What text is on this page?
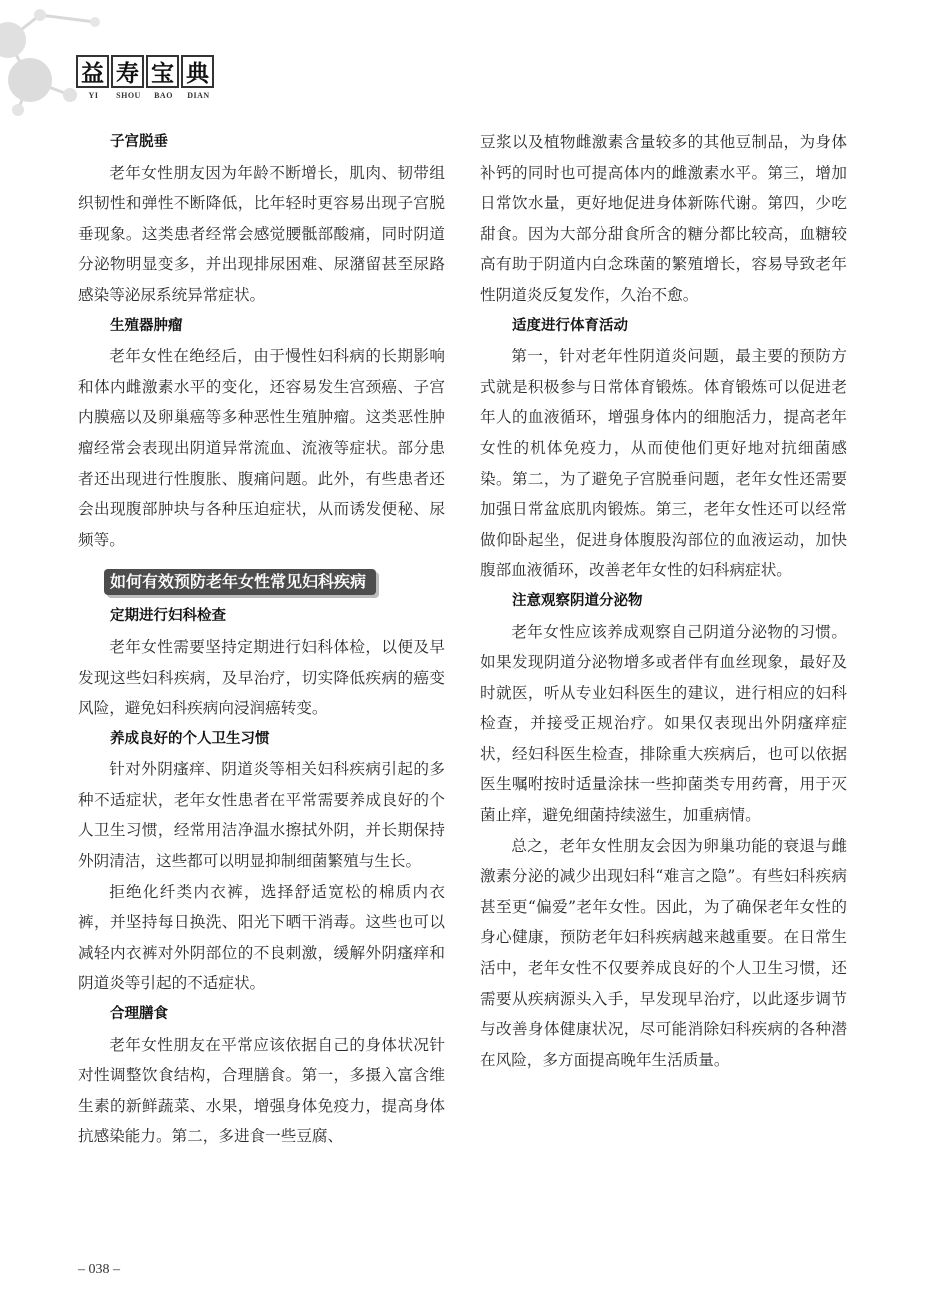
益 寿 宝 典
YI	SHOU	BAO	DIAN
子宫脱垂

老年女性朋友因为年龄不断增长，肌肉、韧带组织韧性和弹性不断降低，比年轻时更容易出现子宫脱垂现象。这类患者经常会感觉腰骶部酸痛，同时阴道分泌物明显变多，并出现排尿困难、尿潴留甚至尿路感染等泌尿系统异常症状。

生殖器肿瘤

老年女性在绝经后，由于慢性妇科病的长期影响和体内雌激素水平的变化，还容易发生宫颈癌、子宫内膜癌以及卵巢癌等多种恶性生殖肿瘤。这类恶性肿瘤经常会表现出阴道异常流血、流液等症状。部分患者还出现进行性腹胀、腹痛问题。此外，有些患者还会出现腹部肿块与各种压迫症状，从而诱发便秘、尿频等。

如何有效预防老年女性常见妇科疾病
定期进行妇科检查

老年女性需要坚持定期进行妇科体检，以便及早发现这些妇科疾病，及早治疗，切实降低疾病的癌变风险，避免妇科疾病向浸润癌转变。

养成良好的个人卫生习惯

针对外阴瘙痒、阴道炎等相关妇科疾病引起的多种不适症状，老年女性患者在平常需要养成良好的个人卫生习惯，经常用洁净温水擦拭外阴，并长期保持外阴清洁，这些都可以明显抑制细菌繁殖与生长。

拒绝化纤类内衣裤，选择舒适宽松的棉质内衣裤，并坚持每日换洗、阳光下晒干消毒。这些也可以减轻内衣裤对外阴部位的不良刺激，缓解外阴瘙痒和阴道炎等引起的不适症状。

合理膳食

老年女性朋友在平常应该依据自己的身体状况针对性调整饮食结构，合理膳食。第一，多摄入富含维生素的新鲜蔬菜、水果，增强身体免疫力，提高身体抗感染能力。第二，多进食一些豆腐、

豆浆以及植物雌激素含量较多的其他豆制品，为身体补钙的同时也可提高体内的雌激素水平。第三，增加日常饮水量，更好地促进身体新陈代谢。第四，少吃甜食。因为大部分甜食所含的糖分都比较高，血糖较高有助于阴道内白念珠菌的繁殖增长，容易导致老年性阴道炎反复发作，久治不愈。

适度进行体育活动

第一，针对老年性阴道炎问题，最主要的预防方式就是积极参与日常体育锻炼。体育锻炼可以促进老年人的血液循环，增强身体内的细胞活力，提高老年女性的机体免疫力，从而使他们更好地对抗细菌感染。第二，为了避免子宫脱垂问题，老年女性还需要加强日常盆底肌肉锻炼。第三，老年女性还可以经常做仰卧起坐，促进身体腹股沟部位的血液运动，加快腹部血液循环，改善老年女性的妇科病症状。

注意观察阴道分泌物

老年女性应该养成观察自己阴道分泌物的习惯。如果发现阴道分泌物增多或者伴有血丝现象，最好及时就医，听从专业妇科医生的建议，进行相应的妇科检查，并接受正规治疗。如果仅表现出外阴瘙痒症状，经妇科医生检查，排除重大疾病后，也可以依据医生嘱咐按时适量涂抹一些抑菌类专用药膏，用于灭菌止痒，避免细菌持续滋生，加重病情。

总之，老年女性朋友会因为卵巢功能的衰退与雌激素分泌的减少出现妇科“难言之隐”。有些妇科疾病甚至更“偏爱”老年女性。因此，为了确保老年女性的身心健康，预防老年妇科疾病越来越重要。在日常生活中，老年女性不仅要养成良好的个人卫生习惯，还需要从疾病源头入手，早发现早治疗，以此逐步调节与改善身体健康状况，尽可能消除妇科疾病的各种潜在风险，多方面提高晚年生活质量。

– 038 –
